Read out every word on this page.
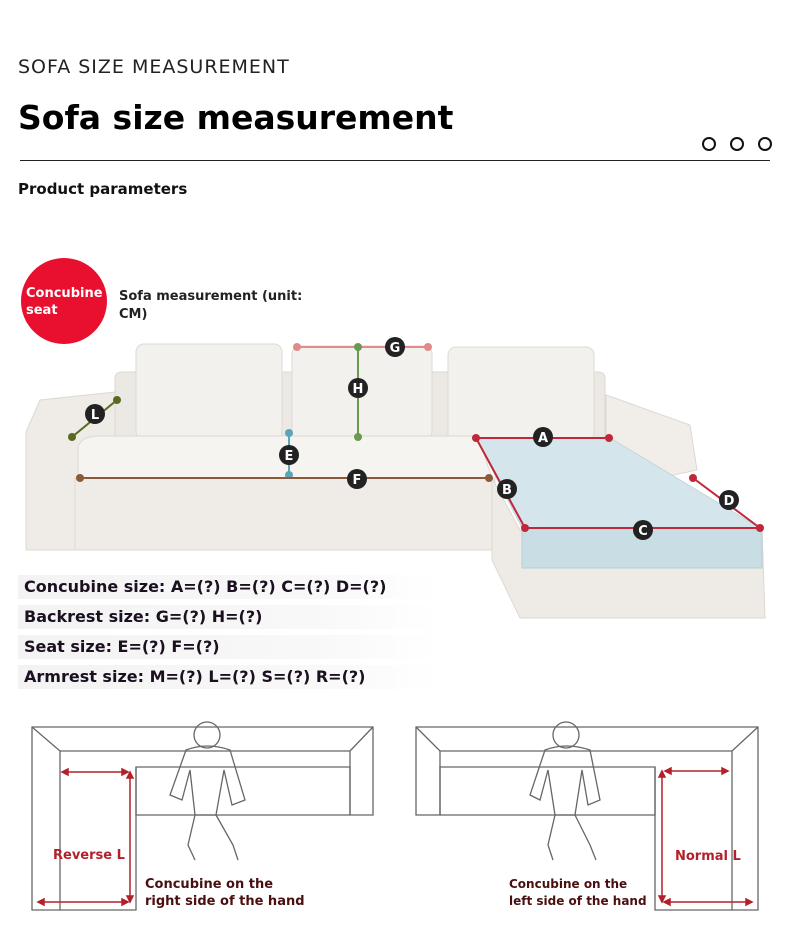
SOFA SIZE MEASUREMENT
Sofa size measurement
Product parameters
Concubine seat
Sofa measurement (unit: CM)
G
H
E
F
L
A
B
C
D
Concubine size: A=(?) B=(?) C=(?) D=(?)
Backrest size: G=(?) H=(?)
Seat size: E=(?) F=(?)
Armrest size: M=(?) L=(?) S=(?) R=(?)
Reverse L
Concubine on the
right side of the hand
Normal L
Concubine on the
left side of the hand
